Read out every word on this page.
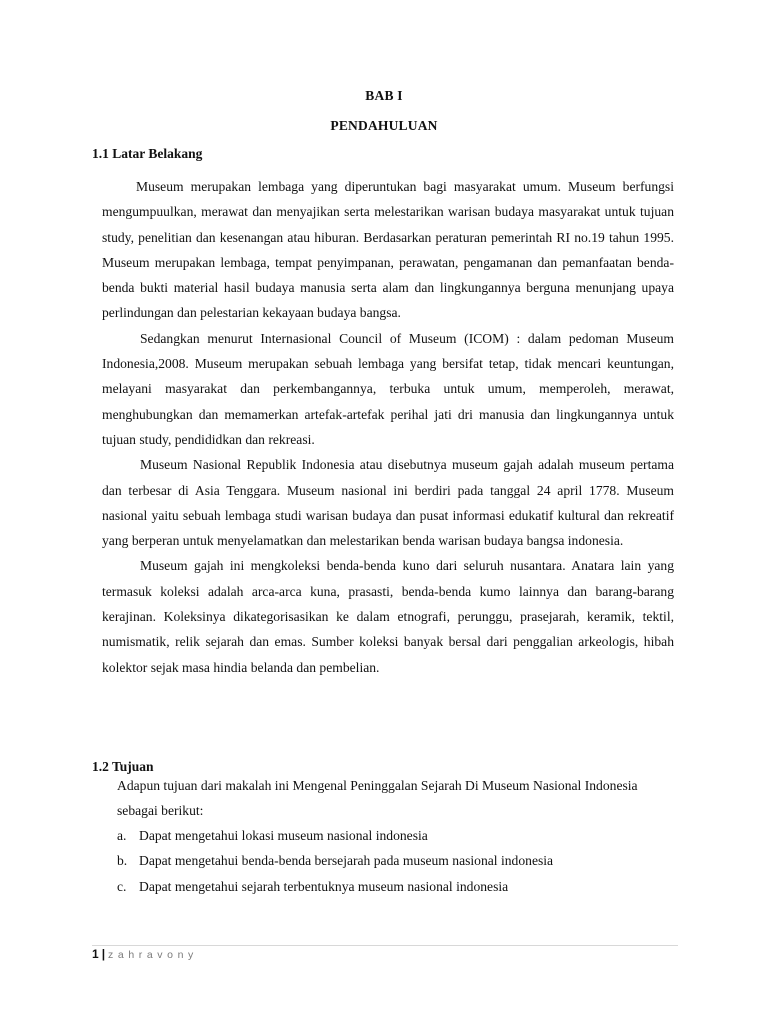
BAB I
PENDAHULUAN
1.1 Latar Belakang

Museum merupakan lembaga yang diperuntukan bagi masyarakat umum. Museum berfungsi mengumpuulkan, merawat dan menyajikan serta melestarikan warisan budaya masyarakat untuk tujuan study, penelitian dan kesenangan atau hiburan. Berdasarkan peraturan pemerintah RI no.19 tahun 1995. Museum merupakan lembaga, tempat penyimpanan, perawatan, pengamanan dan pemanfaatan benda-benda bukti material hasil budaya manusia serta alam dan lingkungannya berguna menunjang upaya perlindungan dan pelestarian kekayaan budaya bangsa.

Sedangkan menurut Internasional Council of Museum (ICOM) : dalam pedoman Museum Indonesia,2008. Museum merupakan sebuah lembaga yang bersifat tetap, tidak mencari keuntungan, melayani masyarakat dan perkembangannya, terbuka untuk umum, memperoleh, merawat, menghubungkan dan memamerkan artefak-artefak perihal jati dri manusia dan lingkungannya untuk tujuan study, pendididkan dan rekreasi.

Museum Nasional Republik Indonesia atau disebutnya museum gajah adalah museum pertama dan terbesar di Asia Tenggara. Museum nasional ini berdiri pada tanggal 24 april 1778. Museum nasional yaitu sebuah lembaga studi warisan budaya dan pusat informasi edukatif kultural dan rekreatif yang berperan untuk menyelamatkan dan melestarikan benda warisan budaya bangsa indonesia.

Museum gajah ini mengkoleksi benda-benda kuno dari seluruh nusantara. Anatara lain yang termasuk koleksi adalah arca-arca kuna, prasasti, benda-benda kumo lainnya dan barang-barang kerajinan. Koleksinya dikategorisasikan ke dalam etnografi, perunggu, prasejarah, keramik, tektil, numismatik, relik sejarah dan emas. Sumber koleksi banyak bersal dari penggalian arkeologis, hibah kolektor sejak masa hindia belanda dan pembelian.

1.2 Tujuan
Adapun tujuan dari makalah ini Mengenal Peninggalan Sejarah Di Museum Nasional Indonesia sebagai berikut:
a. Dapat mengetahui lokasi museum nasional indonesia
b. Dapat mengetahui benda-benda bersejarah pada museum nasional indonesia
c. Dapat mengetahui sejarah terbentuknya museum nasional indonesia
1 | zahravony
